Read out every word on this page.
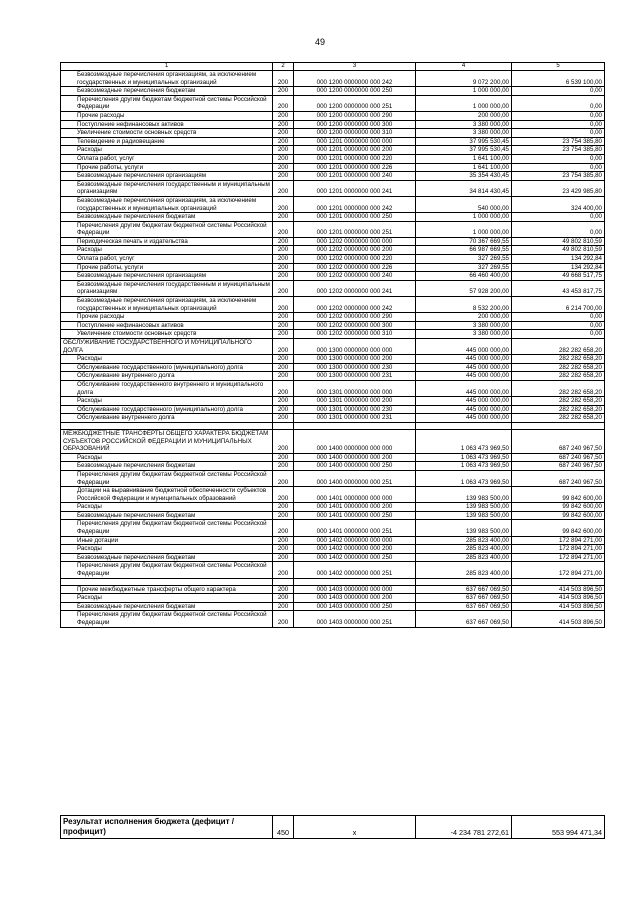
49
1	2	3	4	5
Безвозмездные перечисления организациям, за исключением государственных и муниципальных организаций	200	000 1200 0000000 000 242	9 072 200,00	6 539 100,00
Безвозмездные перечисления бюджетам	200	000 1200 0000000 000 250	1 000 000,00	0,00
Перечисления другим бюджетам бюджетной системы Российской Федерации	200	000 1200 0000000 000 251	1 000 000,00	0,00
Прочие расходы	200	000 1200 0000000 000 290	200 000,00	0,00
Поступление нефинансовых активов	200	000 1200 0000000 000 300	3 380 000,00	0,00
Увеличение стоимости основных средств	200	000 1200 0000000 000 310	3 380 000,00	0,00
Телевидение и радиовещание	200	000 1201 0000000 000 000	37 995 530,45	23 754 385,80
Расходы	200	000 1201 0000000 000 200	37 995 530,45	23 754 385,80
Оплата работ, услуг	200	000 1201 0000000 000 220	1 641 100,00	0,00
Прочие работы, услуги	200	000 1201 0000000 000 226	1 641 100,00	0,00
Безвозмездные перечисления организациям	200	000 1201 0000000 000 240	35 354 430,45	23 754 385,80
Безвозмездные перечисления государственным и муниципальным организациям	200	000 1201 0000000 000 241	34 814 430,45	23 429 985,80
Безвозмездные перечисления организациям, за исключением государственных и муниципальных организаций	200	000 1201 0000000 000 242	540 000,00	324 400,00
Безвозмездные перечисления бюджетам	200	000 1201 0000000 000 250	1 000 000,00	0,00
Перечисления другим бюджетам бюджетной системы Российской Федерации	200	000 1201 0000000 000 251	1 000 000,00	0,00
Периодическая печать и издательства	200	000 1202 0000000 000 000	70 367 669,55	49 802 810,59
Расходы	200	000 1202 0000000 000 200	66 987 669,55	49 802 810,59
Оплата работ, услуг	200	000 1202 0000000 000 220	327 269,55	134 292,84
Прочие работы, услуги	200	000 1202 0000000 000 226	327 269,55	134 292,84
Безвозмездные перечисления организациям	200	000 1202 0000000 000 240	66 460 400,00	49 668 517,75
Безвозмездные перечисления государственным и муниципальным организациям	200	000 1202 0000000 000 241	57 928 200,00	43 453 817,75
Безвозмездные перечисления организациям, за исключением государственных и муниципальных организаций	200	000 1202 0000000 000 242	8 532 200,00	6 214 700,00
Прочие расходы	200	000 1202 0000000 000 290	200 000,00	0,00
Поступление нефинансовых активов	200	000 1202 0000000 000 300	3 380 000,00	0,00
Увеличение стоимости основных средств	200	000 1202 0000000 000 310	3 380 000,00	0,00
ОБСЛУЖИВАНИЕ ГОСУДАРСТВЕННОГО И МУНИЦИПАЛЬНОГО ДОЛГА	200	000 1300 0000000 000 000	445 000 000,00	282 282 658,20
Расходы	200	000 1300 0000000 000 200	445 000 000,00	282 282 658,20
Обслуживание государственного (муниципального) долга	200	000 1300 0000000 000 230	445 000 000,00	282 282 658,20
Обслуживание внутреннего долга	200	000 1300 0000000 000 231	445 000 000,00	282 282 658,20
Обслуживание государственного внутреннего и муниципального долга	200	000 1301 0000000 000 000	445 000 000,00	282 282 658,20
Расходы	200	000 1301 0000000 000 200	445 000 000,00	282 282 658,20
Обслуживание государственного (муниципального) долга	200	000 1301 0000000 000 230	445 000 000,00	282 282 658,20
Обслуживание внутреннего долга	200	000 1301 0000000 000 231	445 000 000,00	282 282 658,20

МЕЖБЮДЖЕТНЫЕ ТРАНСФЕРТЫ ОБЩЕГО ХАРАКТЕРА БЮДЖЕТАМ СУБЪЕКТОВ РОССИЙСКОЙ ФЕДЕРАЦИИ И МУНИЦИПАЛЬНЫХ ОБРАЗОВАНИЙ	200	000 1400 0000000 000 000	1 063 473 969,50	687 240 967,50
Расходы	200	000 1400 0000000 000 200	1 063 473 969,50	687 240 967,50
Безвозмездные перечисления бюджетам	200	000 1400 0000000 000 250	1 063 473 969,50	687 240 967,50
Перечисления другим бюджетам бюджетной системы Российской Федерации	200	000 1400 0000000 000 251	1 063 473 969,50	687 240 967,50
Дотации на выравнивание бюджетной обеспеченности субъектов Российской Федерации и муниципальных образований	200	000 1401 0000000 000 000	139 983 500,00	99 842 600,00
Расходы	200	000 1401 0000000 000 200	139 983 500,00	99 842 600,00
Безвозмездные перечисления бюджетам	200	000 1401 0000000 000 250	139 983 500,00	99 842 600,00
Перечисления другим бюджетам бюджетной системы Российской Федерации	200	000 1401 0000000 000 251	139 983 500,00	99 842 600,00
Иные дотации	200	000 1402 0000000 000 000	285 823 400,00	172 894 271,00
Расходы	200	000 1402 0000000 000 200	285 823 400,00	172 894 271,00
Безвозмездные перечисления бюджетам	200	000 1402 0000000 000 250	285 823 400,00	172 894 271,00
Перечисления другим бюджетам бюджетной системы Российской Федерации	200	000 1402 0000000 000 251	285 823 400,00	172 894 271,00

Прочие межбюджетные трансферты общего характера	200	000 1403 0000000 000 000	637 667 069,50	414 503 896,50
Расходы	200	000 1403 0000000 000 200	637 667 069,50	414 503 896,50
Безвозмездные перечисления бюджетам	200	000 1403 0000000 000 250	637 667 069,50	414 503 896,50
Перечисления другим бюджетам бюджетной системы Российской Федерации	200	000 1403 0000000 000 251	637 667 069,50	414 503 896,50
Результат исполнения бюджета (дефицит / профицит)	450	x	-4 234 781 272,61	553 994 471,34
